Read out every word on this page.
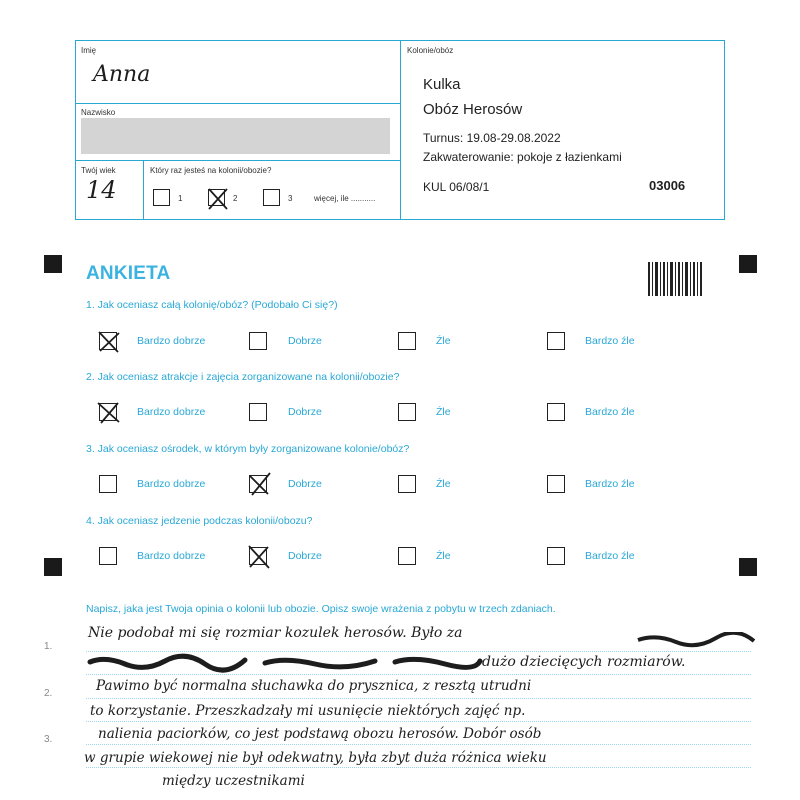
Imię
Anna
Nazwisko
Twój wiek
14
Który raz jesteś na kolonii/obozie?
1	2	3	więcej, ile ...........
Kolonie/obóz
Kulka
Obóz Herosów
Turnus: 19.08-29.08.2022
Zakwaterowanie: pokoje z łazienkami
KUL 06/08/1	03006
ANKIETA
1. Jak oceniasz całą kolonię/obóz? (Podobało Ci się?)
Bardzo dobrze	Dobrze	Źle	Bardzo źle
2. Jak oceniasz atrakcje i zajęcia zorganizowane na kolonii/obozie?
Bardzo dobrze	Dobrze	Źle	Bardzo źle
3. Jak oceniasz ośrodek, w którym były zorganizowane kolonie/obóz?
Bardzo dobrze	Dobrze	Źle	Bardzo źle
4. Jak oceniasz jedzenie podczas kolonii/obozu?
Bardzo dobrze	Dobrze	Źle	Bardzo źle
Napisz, jaka jest Twoja opinia o kolonii lub obozie. Opisz swoje wrażenia z pobytu w trzech zdaniach.
1.
2.
3.
Nie podobał mi się rozmiar kozulek herosów. Było za
dużo dziecięcych rozmiarów.
Pawimo być normalna słuchawka do prysznica, z resztą utrudni
to korzystanie. Przeszkadzały mi usunięcie niektórych zajęć np.
nalienia paciorków, co jest podstawą obozu herosów. Dobór osób
w grupie wiekowej nie był odekwatny, była zbyt duża różnica wieku
między uczestnikami
